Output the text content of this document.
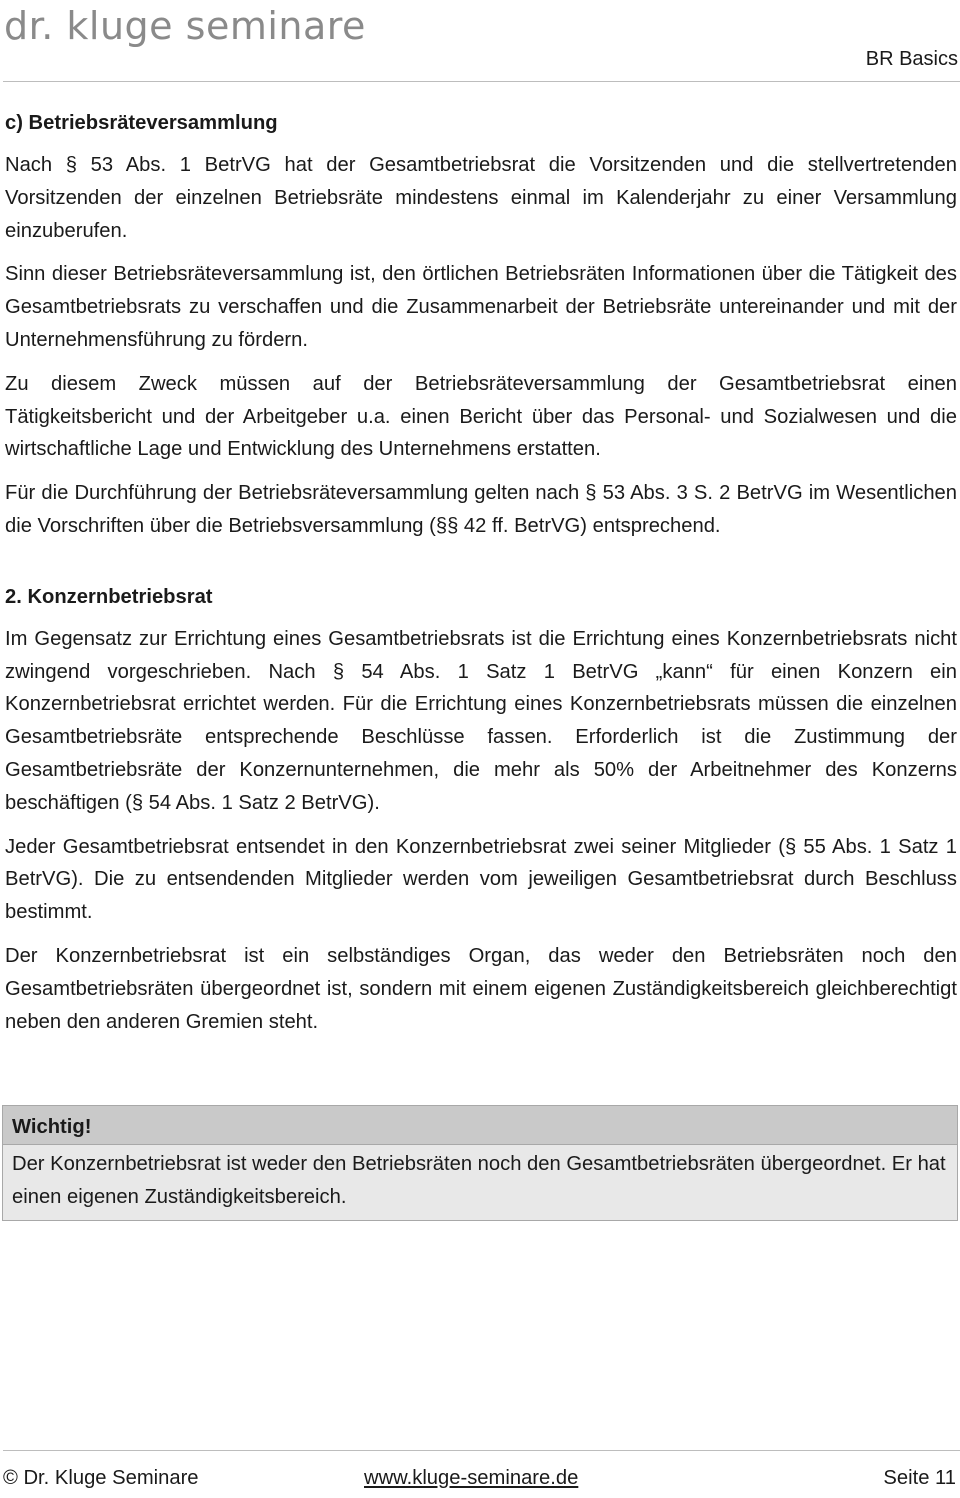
dr. kluge seminare
BR Basics
c) Betriebsräteversammlung

Nach § 53 Abs. 1 BetrVG hat der Gesamtbetriebsrat die Vorsitzenden und die stellvertretenden Vorsitzenden der einzelnen Betriebsräte mindestens einmal im Kalenderjahr zu einer Versammlung einzuberufen.

Sinn dieser Betriebsräteversammlung ist, den örtlichen Betriebsräten Informationen über die Tätigkeit des Gesamtbetriebsrats zu verschaffen und die Zusammenarbeit der Betriebsräte untereinander und mit der Unternehmensführung zu fördern.

Zu diesem Zweck müssen auf der Betriebsräteversammlung der Gesamtbetriebsrat einen Tätigkeitsbericht und der Arbeitgeber u.a. einen Bericht über das Personal- und Sozialwesen und die wirtschaftliche Lage und Entwicklung des Unternehmens erstatten.

Für die Durchführung der Betriebsräteversammlung gelten nach § 53 Abs. 3 S. 2 BetrVG im Wesentlichen die Vorschriften über die Betriebsversammlung (§§ 42 ff. BetrVG) entsprechend.

2. Konzernbetriebsrat

Im Gegensatz zur Errichtung eines Gesamtbetriebsrats ist die Errichtung eines Konzernbetriebsrats nicht zwingend vorgeschrieben. Nach § 54 Abs. 1 Satz 1 BetrVG „kann“ für einen Konzern ein Konzernbetriebsrat errichtet werden. Für die Errichtung eines Konzernbetriebsrats müssen die einzelnen Gesamtbetriebsräte entsprechende Beschlüsse fassen. Erforderlich ist die Zustimmung der Gesamtbetriebsräte der Konzernunternehmen, die mehr als 50% der Arbeitnehmer des Konzerns beschäftigen (§ 54 Abs. 1 Satz 2 BetrVG).

Jeder Gesamtbetriebsrat entsendet in den Konzernbetriebsrat zwei seiner Mitglieder (§ 55 Abs. 1 Satz 1 BetrVG). Die zu entsendenden Mitglieder werden vom jeweiligen Gesamtbetriebsrat durch Beschluss bestimmt.

Der Konzernbetriebsrat ist ein selbständiges Organ, das weder den Betriebsräten noch den Gesamtbetriebsräten übergeordnet ist, sondern mit einem eigenen Zuständigkeitsbereich gleichberechtigt neben den anderen Gremien steht.

Wichtig!
Der Konzernbetriebsrat ist weder den Betriebsräten noch den Gesamtbetriebsräten übergeordnet. Er hat einen eigenen Zuständigkeitsbereich.
© Dr. Kluge Seminare	www.kluge-seminare.de	Seite 11
